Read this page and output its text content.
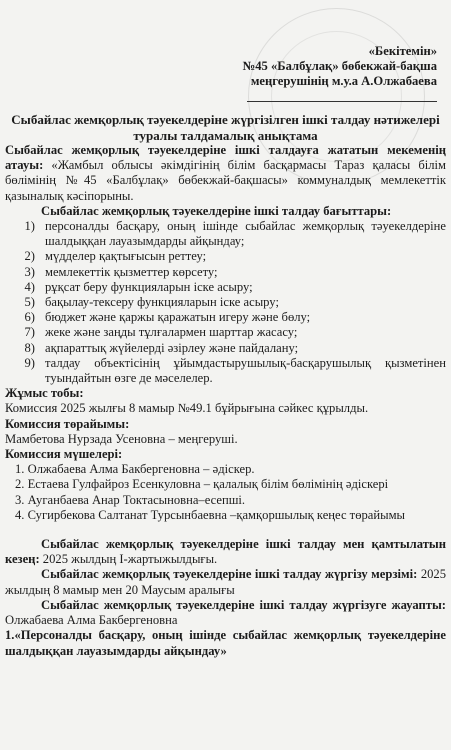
«Бекітемін»
№45 «Балбұлақ» бөбекжай-бақша
меңгерушінің м.у.а А.Олжабаева
Сыбайлас жемқорлық тәуекелдеріне жүргізілген ішкі талдау нәтижелері
туралы талдамалық анықтама

Сыбайлас жемқорлық тәуекелдеріне ішкі талдауға жататын мекеменің атауы: «Жамбыл облысы әкімдігінің білім басқармасы Тараз қаласы білім бөлімінің №45 «Балбұлақ» бөбекжай-бақшасы» коммуналдық мемлекеттік қазыналық кәсіпорыны.

Сыбайлас жемқорлық тәуекелдеріне ішкі талдау бағыттары:

1) персоналды басқару, оның ішінде сыбайлас жемқорлық тәуекелдеріне шалдыққан лауазымдарды айқындау;
2) мүдделер қақтығысын реттеу;
3) мемлекеттік қызметтер көрсету;
4) рұқсат беру функцияларын іске асыру;
5) бақылау-тексеру функцияларын іске асыру;
6) бюджет және қаржы қаражатын игеру және бөлу;
7) жеке және заңды тұлғалармен шарттар жасасу;
8) ақпараттық жүйелерді әзірлеу және пайдалану;
9) талдау объектісінің ұйымдастырушылық-басқарушылық қызметінен туындайтын өзге де мәселелер.

Жұмыс тобы:

Комиссия 2025 жылғы 8 мамыр №49.1 бұйрығына сәйкес құрылды.

Комиссия төрайымы:

Мамбетова Нурзада Усеновна – меңгеруші.

Комиссия мүшелері:

1. Олжабаева Алма Бакбергеновна – әдіскер.
2. Естаева Гулфайроз Есенкуловна – қалалық білім бөлімінің әдіскері
3. Ауганбаева Анар Токтасыновна–есепші.
4. Сугирбекова Салтанат Турсынбаевна –қамқоршылық кеңес төрайымы

Сыбайлас жемқорлық тәуекелдеріне ішкі талдау мен қамтылатын кезең: 2025 жылдың І-жартыжылдығы.

Сыбайлас жемқорлық тәуекелдеріне ішкі талдау жүргізу мерзімі: 2025 жылдың 8 мамыр мен 20 Маусым аралығы

Сыбайлас жемқорлық тәуекелдеріне ішкі талдау жүргізуге жауапты: Олжабаева Алма Бакбергеновна

1.«Персоналды басқару, оның ішінде сыбайлас жемқорлық тәуекелдеріне шалдыққан лауазымдарды айқындау»
